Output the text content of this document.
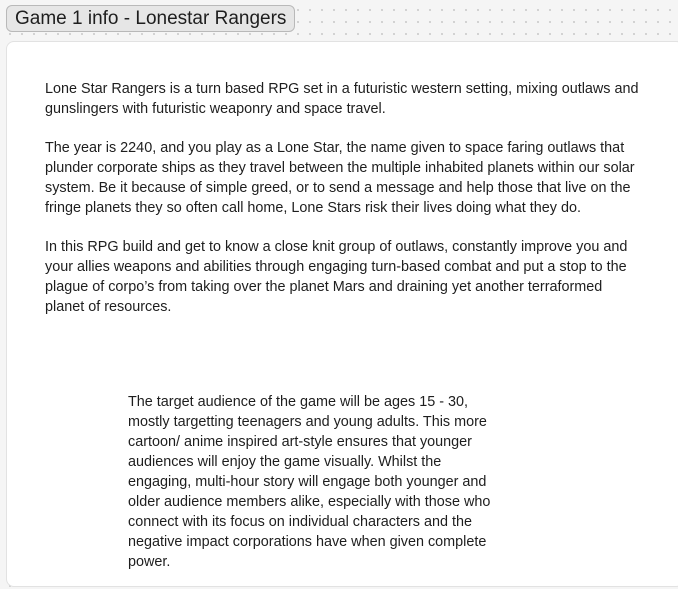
Game 1 info - Lonestar Rangers

Lone Star Rangers is a turn based RPG set in a futuristic western setting, mixing outlaws and gunslingers with futuristic weaponry and space travel.

The year is 2240, and you play as a Lone Star, the name given to space faring outlaws that plunder corporate ships as they travel between the multiple inhabited planets within our solar system. Be it because of simple greed, or to send a message and help those that live on the fringe planets they so often call home, Lone Stars risk their lives doing what they do.

In this RPG build and get to know a close knit group of outlaws, constantly improve you and your allies weapons and abilities through engaging turn-based combat and put a stop to the plague of corpo’s from taking over the planet Mars and draining yet another terraformed planet of resources.

The target audience of the game will be ages 15 - 30, mostly targetting teenagers and young adults. This more cartoon/ anime inspired art-style ensures that younger audiences will enjoy the game visually. Whilst the engaging, multi-hour story will engage both younger and older audience members alike, especially with those who connect with its focus on individual characters and the negative impact corporations have when given complete power.
